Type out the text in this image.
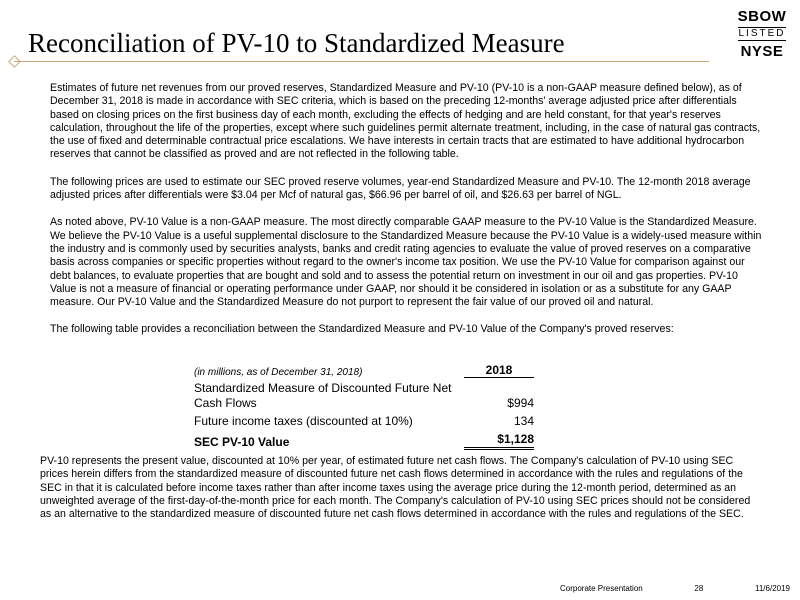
Reconciliation of PV-10 to Standardized Measure
SBOW
LISTED
NYSE

Estimates of future net revenues from our proved reserves, Standardized Measure and PV-10 (PV-10 is a non-GAAP measure defined below), as of December 31, 2018 is made in accordance with SEC criteria, which is based on the preceding 12-months' average adjusted price after differentials based on closing prices on the first business day of each month, excluding the effects of hedging and are held constant, for that year's reserves calculation, throughout the life of the properties, except where such guidelines permit alternate treatment, including, in the case of natural gas contracts, the use of fixed and determinable contractual price escalations. We have interests in certain tracts that are estimated to have additional hydrocarbon reserves that cannot be classified as proved and are not reflected in the following table.

The following prices are used to estimate our SEC proved reserve volumes, year-end Standardized Measure and PV-10. The 12-month 2018 average adjusted prices after differentials were $3.04 per Mcf of natural gas, $66.96 per barrel of oil, and $26.63 per barrel of NGL.

As noted above, PV-10 Value is a non-GAAP measure. The most directly comparable GAAP measure to the PV-10 Value is the Standardized Measure. We believe the PV-10 Value is a useful supplemental disclosure to the Standardized Measure because the PV-10 Value is a widely-used measure within the industry and is commonly used by securities analysts, banks and credit rating agencies to evaluate the value of proved reserves on a comparative basis across companies or specific properties without regard to the owner's income tax position. We use the PV-10 Value for comparison against our debt balances, to evaluate properties that are bought and sold and to assess the potential return on investment in our oil and gas properties. PV-10 Value is not a measure of financial or operating performance under GAAP, nor should it be considered in isolation or as a substitute for any GAAP measure. Our PV-10 Value and the Standardized Measure do not purport to represent the fair value of our proved oil and natural.

The following table provides a reconciliation between the Standardized Measure and PV-10 Value of the Company's proved reserves:

(in millions, as of December 31, 2018)	2018
Standardized Measure of Discounted Future Net Cash Flows	$994
Future income taxes (discounted at 10%)	134
SEC PV-10 Value	$1,128
PV-10 represents the present value, discounted at 10% per year, of estimated future net cash flows. The Company's calculation of PV-10 using SEC prices herein differs from the standardized measure of discounted future net cash flows determined in accordance with the rules and regulations of the SEC in that it is calculated before income taxes rather than after income taxes using the average price during the 12-month period, determined as an unweighted average of the first-day-of-the-month price for each month. The Company's calculation of PV-10 using SEC prices should not be considered as an alternative to the standardized measure of discounted future net cash flows determined in accordance with the rules and regulations of the SEC.
Corporate Presentation	28	11/6/2019
